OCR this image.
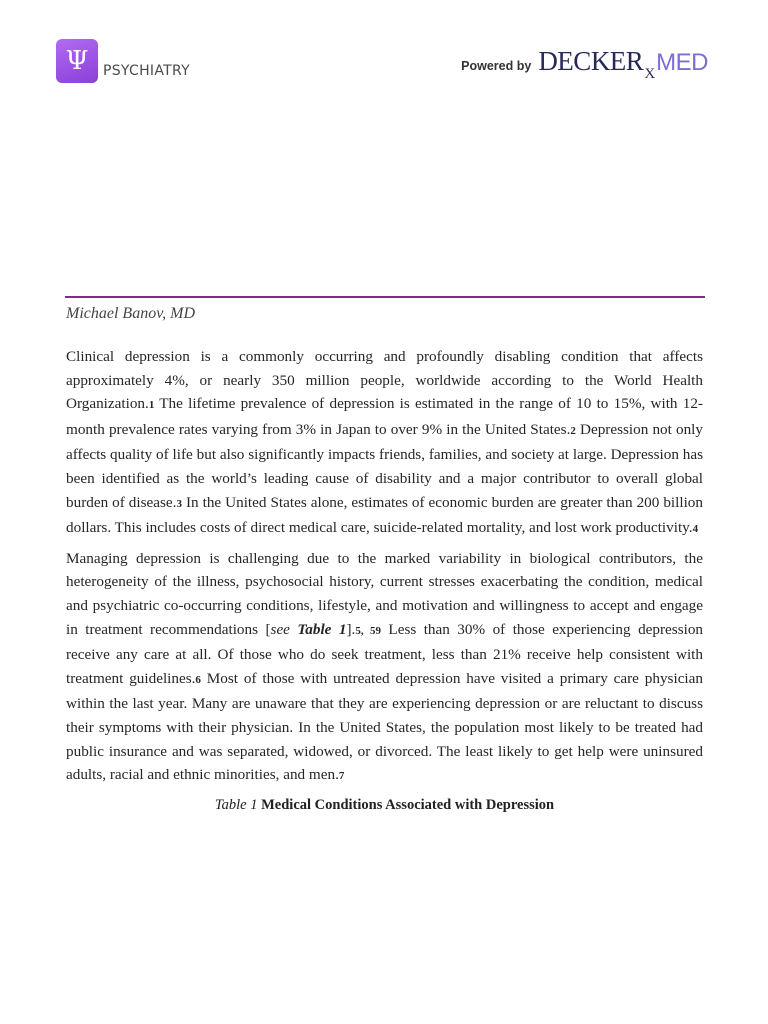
Ψ	PSYCHIATRY	Powered by DECKER X MED
Michael Banov, MD

Clinical depression is a commonly occurring and profoundly disabling condition that affects approximately 4%, or nearly 350 million people, worldwide according to the World Health Organization.1 The lifetime prevalence of depression is estimated in the range of 10 to 15%, with 12-month prevalence rates varying from 3% in Japan to over 9% in the United States.2 Depression not only affects quality of life but also significantly impacts friends, families, and society at large. Depression has been identified as the world’s leading cause of disability and a major contributor to overall global burden of disease.3 In the United States alone, estimates of economic burden are greater than 200 billion dollars. This includes costs of direct medical care, suicide-related mortality, and lost work productivity.4

Managing depression is challenging due to the marked variability in biological contributors, the heterogeneity of the illness, psychosocial history, current stresses exacerbating the condition, medical and psychiatric co-occurring conditions, lifestyle, and motivation and willingness to accept and engage in treatment recommendations [see Table 1].5, 59 Less than 30% of those experiencing depression receive any care at all. Of those who do seek treatment, less than 21% receive help consistent with treatment guidelines.6 Most of those with untreated depression have visited a primary care physician within the last year. Many are unaware that they are experiencing depression or are reluctant to discuss their symptoms with their physician. In the United States, the population most likely to be treated had public insurance and was separated, widowed, or divorced. The least likely to get help were uninsured adults, racial and ethnic minorities, and men.7

Table 1 Medical Conditions Associated with Depression
